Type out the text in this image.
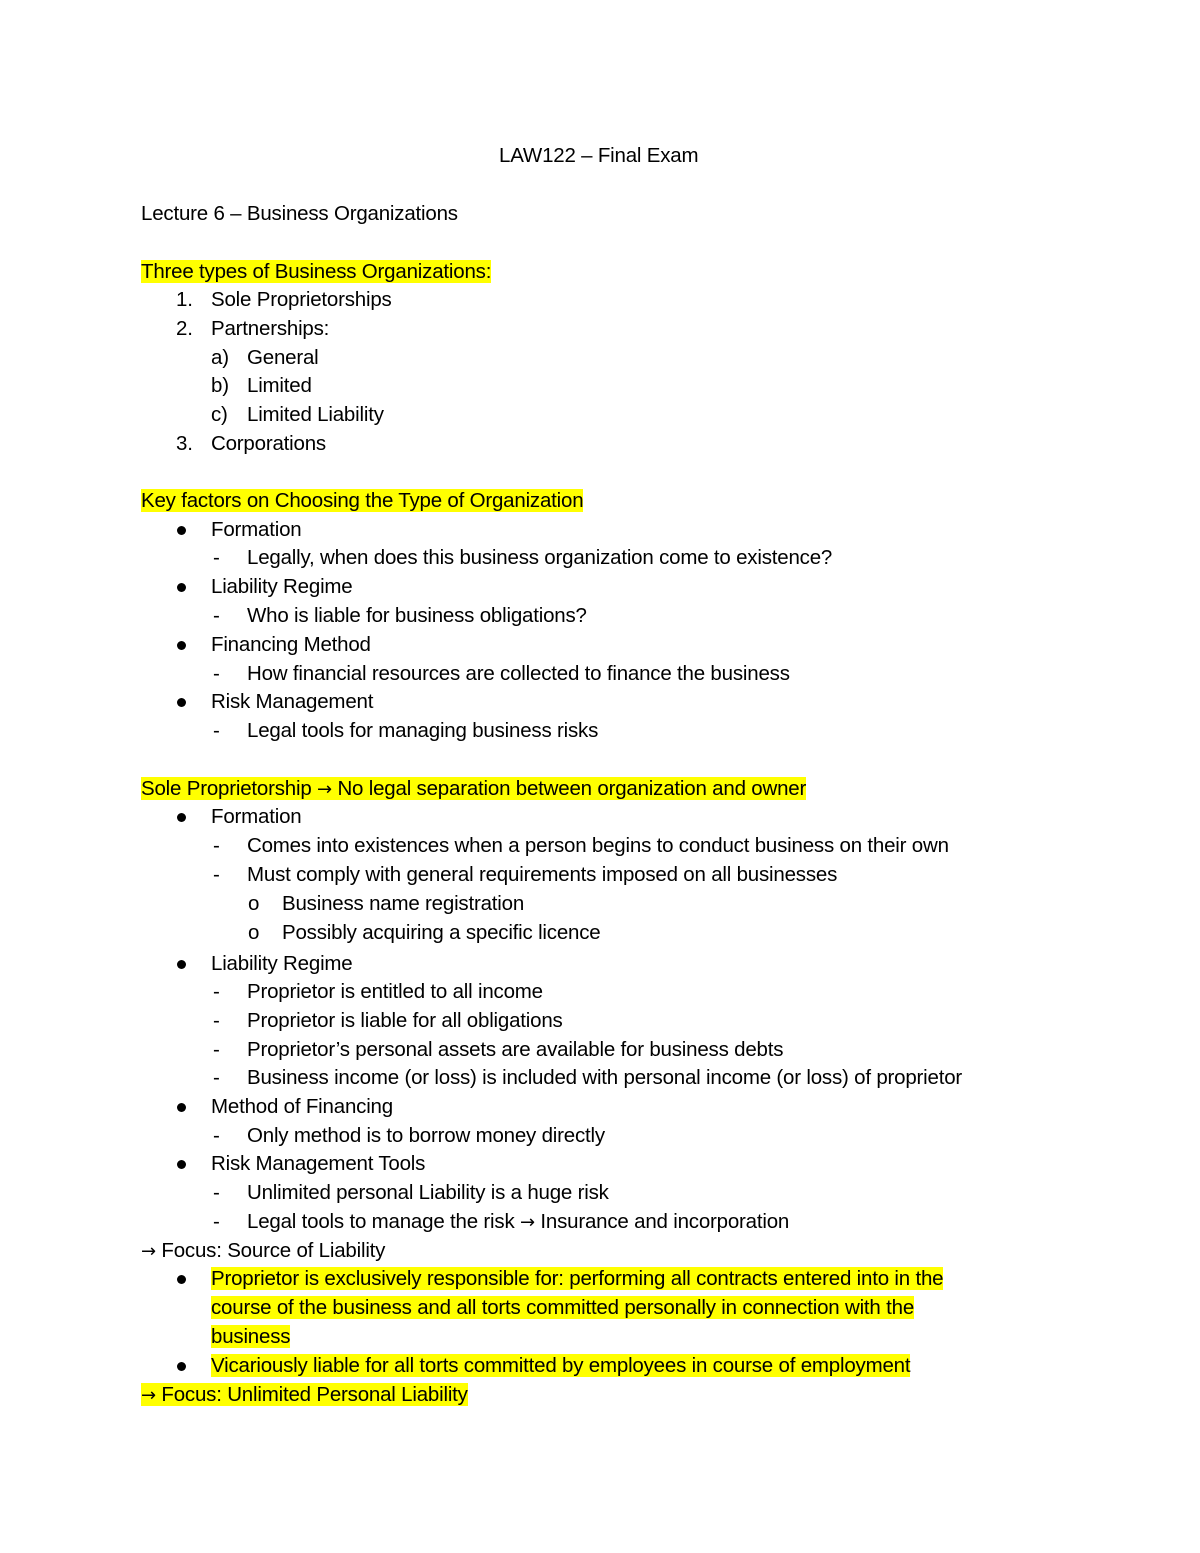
LAW122 – Final Exam
Lecture 6 – Business Organizations
Three types of Business Organizations:
1. Sole Proprietorships
2. Partnerships:
a) General
b) Limited
c) Limited Liability
3. Corporations
Key factors on Choosing the Type of Organization
Formation
- Legally, when does this business organization come to existence?
Liability Regime
- Who is liable for business obligations?
Financing Method
- How financial resources are collected to finance the business
Risk Management
- Legal tools for managing business risks
Sole Proprietorship → No legal separation between organization and owner
Formation
- Comes into existences when a person begins to conduct business on their own
- Must comply with general requirements imposed on all businesses
o Business name registration
o Possibly acquiring a specific licence
Liability Regime
- Proprietor is entitled to all income
- Proprietor is liable for all obligations
- Proprietor’s personal assets are available for business debts
- Business income (or loss) is included with personal income (or loss) of proprietor
Method of Financing
- Only method is to borrow money directly
Risk Management Tools
- Unlimited personal Liability is a huge risk
- Legal tools to manage the risk → Insurance and incorporation
→ Focus: Source of Liability
Proprietor is exclusively responsible for: performing all contracts entered into in the
course of the business and all torts committed personally in connection with the
business
Vicariously liable for all torts committed by employees in course of employment
→ Focus: Unlimited Personal Liability
